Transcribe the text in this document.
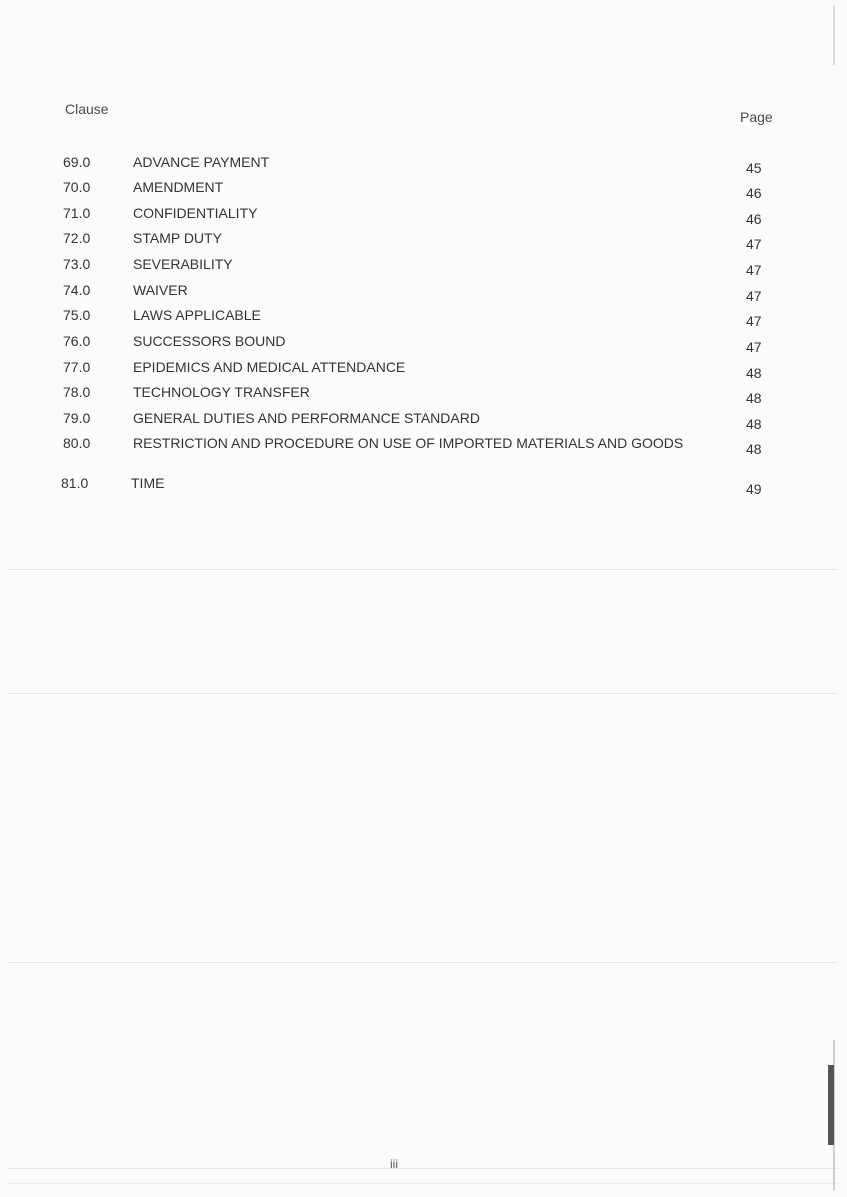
Clause	Page
69.0	ADVANCE PAYMENT	45
70.0	AMENDMENT	46
71.0	CONFIDENTIALITY	46
72.0	STAMP DUTY	47
73.0	SEVERABILITY	47
74.0	WAIVER	47
75.0	LAWS APPLICABLE	47
76.0	SUCCESSORS BOUND	47
77.0	EPIDEMICS AND MEDICAL ATTENDANCE	48
78.0	TECHNOLOGY TRANSFER	48
79.0	GENERAL DUTIES AND PERFORMANCE STANDARD	48
80.0	RESTRICTION AND PROCEDURE ON USE OF IMPORTED MATERIALS AND GOODS	48
81.0	TIME	49
iii
